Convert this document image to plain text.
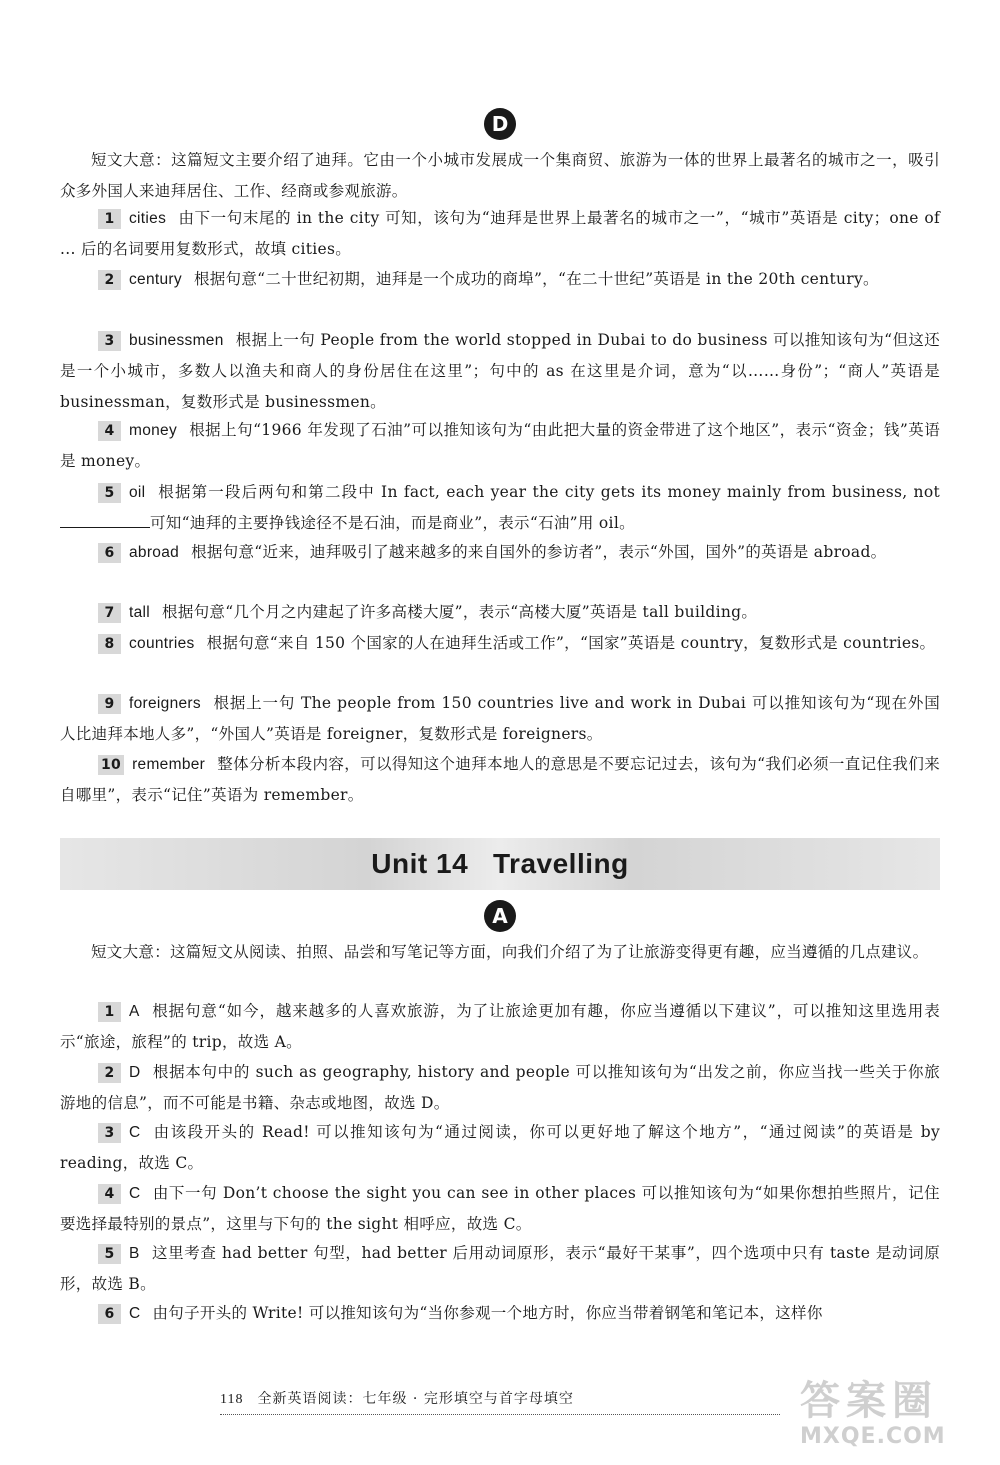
D
短文大意：这篇短文主要介绍了迪拜。它由一个小城市发展成一个集商贸、旅游为一体的世界上最著名的城市之一，吸引众多外国人来迪拜居住、工作、经商或参观旅游。
1 cities 由下一句末尾的 in the city 可知，该句为“迪拜是世界上最著名的城市之一”，“城市”英语是 city；one of ... 后的名词要用复数形式，故填 cities。
2 century 根据句意“二十世纪初期，迪拜是一个成功的商埠”，“在二十世纪”英语是 in the 20th century。
3 businessmen 根据上一句 People from the world stopped in Dubai to do business 可以推知该句为“但这还是一个小城市，多数人以渔夫和商人的身份居住在这里”；句中的 as 在这里是介词，意为“以……身份”；“商人”英语是 businessman，复数形式是 businessmen。
4 money 根据上句“1966 年发现了石油”可以推知该句为“由此把大量的资金带进了这个地区”，表示“资金；钱”英语是 money。
5 oil 根据第一段后两句和第二段中 In fact, each year the city gets its money mainly from business, not 可知“迪拜的主要挣钱途径不是石油，而是商业”，表示“石油”用 oil。
6 abroad 根据句意“近来，迪拜吸引了越来越多的来自国外的参访者”，表示“外国，国外”的英语是 abroad。
7 tall 根据句意“几个月之内建起了许多高楼大厦”，表示“高楼大厦”英语是 tall building。
8 countries 根据句意“来自 150 个国家的人在迪拜生活或工作”，“国家”英语是 country，复数形式是 countries。
9 foreigners 根据上一句 The people from 150 countries live and work in Dubai 可以推知该句为“现在外国人比迪拜本地人多”，“外国人”英语是 foreigner，复数形式是 foreigners。
10 remember 整体分析本段内容，可以得知这个迪拜本地人的意思是不要忘记过去，该句为“我们必须一直记住我们来自哪里”，表示“记住”英语为 remember。
Unit 14   Travelling
A
短文大意：这篇短文从阅读、拍照、品尝和写笔记等方面，向我们介绍了为了让旅游变得更有趣，应当遵循的几点建议。
1 A 根据句意“如今，越来越多的人喜欢旅游，为了让旅途更加有趣，你应当遵循以下建议”，可以推知这里选用表示“旅途，旅程”的 trip，故选 A。
2 D 根据本句中的 such as geography, history and people 可以推知该句为“出发之前，你应当找一些关于你旅游地的信息”，而不可能是书籍、杂志或地图，故选 D。
3 C 由该段开头的 Read! 可以推知该句为“通过阅读，你可以更好地了解这个地方”，“通过阅读”的英语是 by reading，故选 C。
4 C 由下一句 Don’t choose the sight you can see in other places 可以推知该句为“如果你想拍些照片，记住要选择最特别的景点”，这里与下句的 the sight 相呼应，故选 C。
5 B 这里考查 had better 句型，had better 后用动词原形，表示“最好干某事”，四个选项中只有 taste 是动词原形，故选 B。
6 C 由句子开头的 Write! 可以推知该句为“当你参观一个地方时，你应当带着钢笔和笔记本，这样你
118 全新英语阅读：七年级 · 完形填空与首字母填空	答案圈
MXQE.COM
